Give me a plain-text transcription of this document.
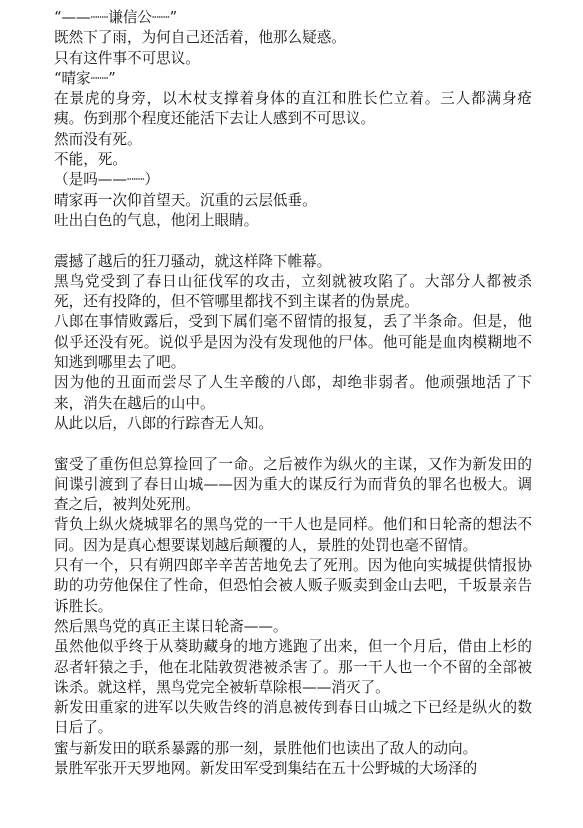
“——┈┈谦信公┈┈”

既然下了雨，为何自己还活着，他那么疑惑。

只有这件事不可思议。

“晴家┈┈”

在景虎的身旁，以木杖支撑着身体的直江和胜长伫立着。三人都满身疮痍。伤到那个程度还能活下去让人感到不可思议。

然而没有死。

不能，死。

（是吗——┈┈）

晴家再一次仰首望天。沉重的云层低垂。

吐出白色的气息，他闭上眼睛。

震撼了越后的狂刀骚动，就这样降下帷幕。

黑鸟党受到了春日山征伐军的攻击，立刻就被攻陷了。大部分人都被杀死，还有投降的，但不管哪里都找不到主谋者的伪景虎。

八郎在事情败露后，受到下属们毫不留情的报复，丢了半条命。但是，他似乎还没有死。说似乎是因为没有发现他的尸体。他可能是血肉模糊地不知逃到哪里去了吧。

因为他的丑面而尝尽了人生辛酸的八郎，却绝非弱者。他顽强地活了下来，消失在越后的山中。

从此以后，八郎的行踪杳无人知。

蜜受了重伤但总算捡回了一命。之后被作为纵火的主谋，又作为新发田的间谍引渡到了春日山城——因为重大的谋反行为而背负的罪名也极大。调查之后，被判处死刑。

背负上纵火烧城罪名的黑鸟党的一干人也是同样。他们和日轮斋的想法不同。因为是真心想要谋划越后颠覆的人，景胜的处罚也毫不留情。

只有一个，只有朔四郎辛辛苦苦地免去了死刑。因为他向实城提供情报协助的功劳他保住了性命，但恐怕会被人贩子贩卖到金山去吧，千坂景亲告诉胜长。

然后黑鸟党的真正主谋日轮斋——。

虽然他似乎终于从葵助藏身的地方逃跑了出来，但一个月后，借由上杉的忍者轩猿之手，他在北陆敦贺港被杀害了。那一干人也一个不留的全部被诛杀。就这样，黑鸟党完全被斩草除根——消灭了。

新发田重家的进军以失败告终的消息被传到春日山城之下已经是纵火的数日后了。

蜜与新发田的联系暴露的那一刻，景胜他们也读出了敌人的动向。

景胜军张开天罗地网。新发田军受到集结在五十公野城的大场泽的
